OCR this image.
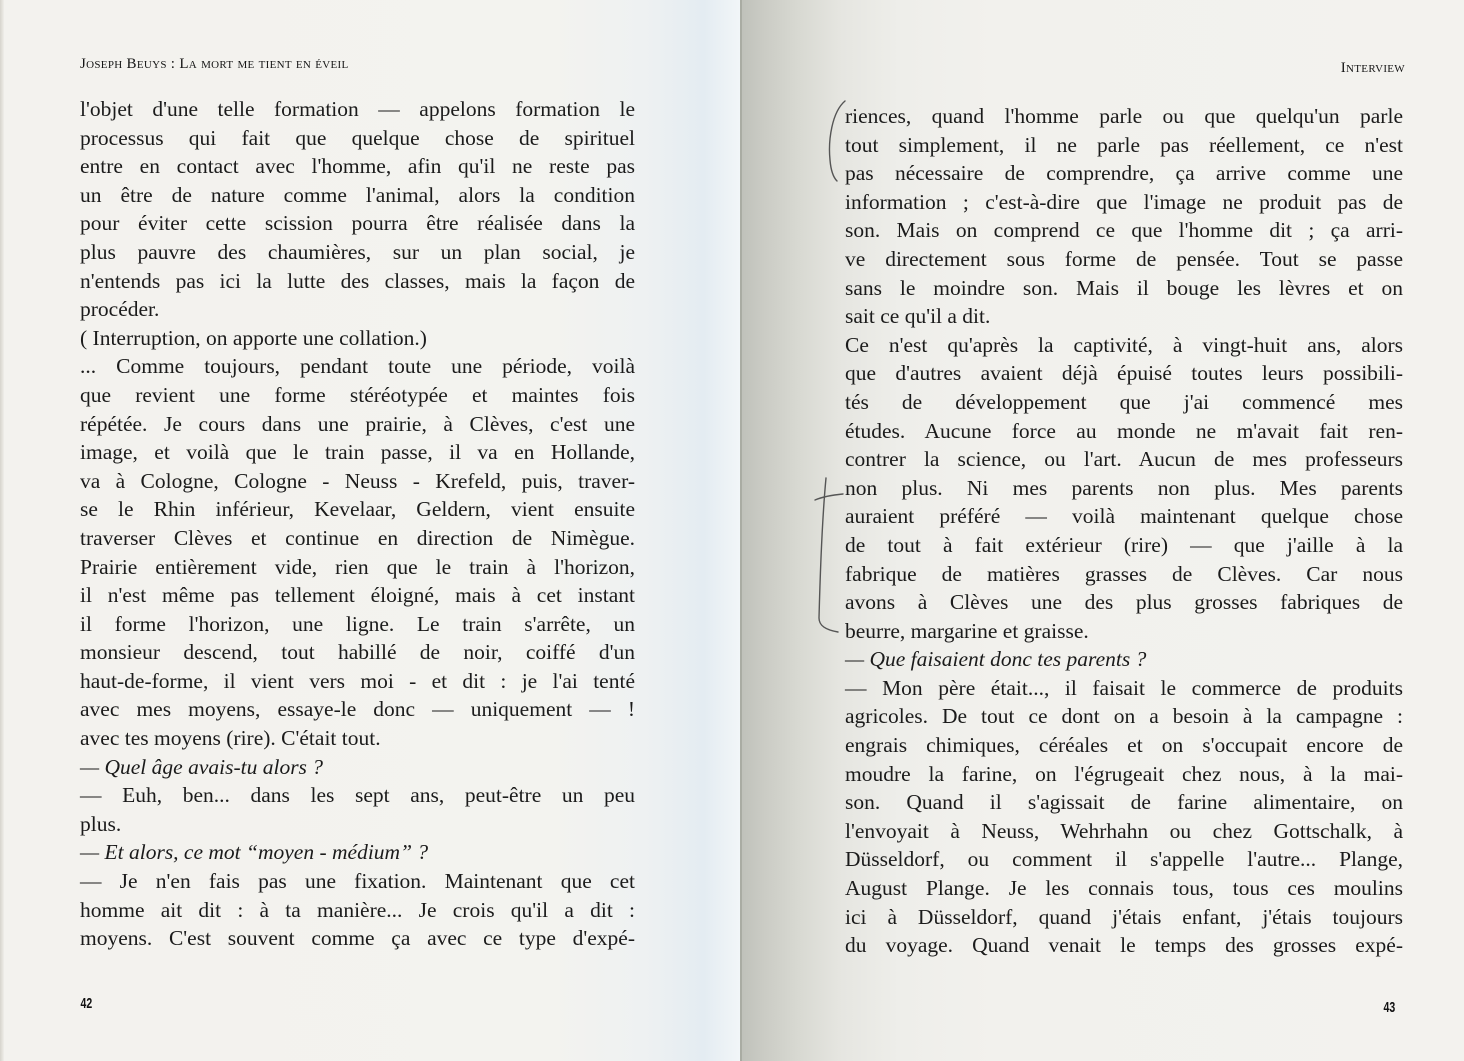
Joseph Beuys : La mort me tient en éveil	Interview
l'objet d'une telle formation — appelons formation le
processus qui fait que quelque chose de spirituel
entre en contact avec l'homme, afin qu'il ne reste pas
un être de nature comme l'animal, alors la condition
pour éviter cette scission pourra être réalisée dans la
plus pauvre des chaumières, sur un plan social, je
n'entends pas ici la lutte des classes, mais la façon de
procéder.
( Interruption, on apporte une collation.)
... Comme toujours, pendant toute une période, voilà
que revient une forme stéréotypée et maintes fois
répétée. Je cours dans une prairie, à Clèves, c'est une
image, et voilà que le train passe, il va en Hollande,
va à Cologne, Cologne - Neuss - Krefeld, puis, traver-
se le Rhin inférieur, Kevelaar, Geldern, vient ensuite
traverser Clèves et continue en direction de Nimègue.
Prairie entièrement vide, rien que le train à l'horizon,
il n'est même pas tellement éloigné, mais à cet instant
il forme l'horizon, une ligne. Le train s'arrête, un
monsieur descend, tout habillé de noir, coiffé d'un
haut-de-forme, il vient vers moi - et dit : je l'ai tenté
avec mes moyens, essaye-le donc — uniquement — !
avec tes moyens (rire). C'était tout.
— Quel âge avais-tu alors ?
— Euh, ben... dans les sept ans, peut-être un peu
plus.
— Et alors, ce mot “moyen - médium” ?
— Je n'en fais pas une fixation. Maintenant que cet
homme ait dit : à ta manière... Je crois qu'il a dit :
moyens. C'est souvent comme ça avec ce type d'expé-
riences, quand l'homme parle ou que quelqu'un parle
tout simplement, il ne parle pas réellement, ce n'est
pas nécessaire de comprendre, ça arrive comme une
information ; c'est-à-dire que l'image ne produit pas de
son. Mais on comprend ce que l'homme dit ; ça arri-
ve directement sous forme de pensée. Tout se passe
sans le moindre son. Mais il bouge les lèvres et on
sait ce qu'il a dit.
Ce n'est qu'après la captivité, à vingt-huit ans, alors
que d'autres avaient déjà épuisé toutes leurs possibili-
tés de développement que j'ai commencé mes
études. Aucune force au monde ne m'avait fait ren-
contrer la science, ou l'art. Aucun de mes professeurs
non plus. Ni mes parents non plus. Mes parents
auraient préféré — voilà maintenant quelque chose
de tout à fait extérieur (rire) — que j'aille à la
fabrique de matières grasses de Clèves. Car nous
avons à Clèves une des plus grosses fabriques de
beurre, margarine et graisse.
— Que faisaient donc tes parents ?
— Mon père était..., il faisait le commerce de produits
agricoles. De tout ce dont on a besoin à la campagne :
engrais chimiques, céréales et on s'occupait encore de
moudre la farine, on l'égrugeait chez nous, à la mai-
son. Quand il s'agissait de farine alimentaire, on
l'envoyait à Neuss, Wehrhahn ou chez Gottschalk, à
Düsseldorf, ou comment il s'appelle l'autre... Plange,
August Plange. Je les connais tous, tous ces moulins
ici à Düsseldorf, quand j'étais enfant, j'étais toujours
du voyage. Quand venait le temps des grosses expé-
42	43
